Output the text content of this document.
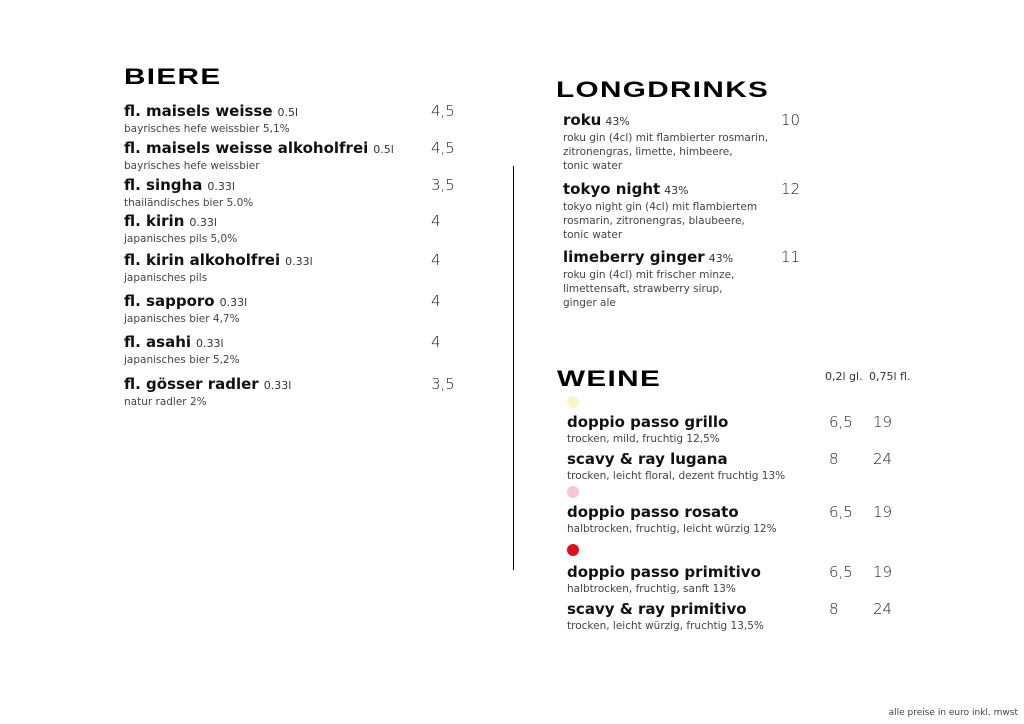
BIERE
fl. maisels weisse 0.5l
bayrisches hefe weissbier 5,1%
4,5
fl. maisels weisse alkoholfrei 0.5l
bayrisches hefe weissbier
4,5
fl. singha 0.33l
thailändisches bier 5.0%
3,5
fl. kirin 0.33l
japanisches pils 5,0%
4
fl. kirin alkoholfrei 0.33l
japanisches pils
4
fl. sapporo 0.33l
japanisches bier 4,7%
4
fl. asahi 0.33l
japanisches bier 5,2%
4
fl. gösser radler 0.33l
natur radler 2%
3,5
LONGDRINKS
roku 43%
roku gin (4cl) mit flambierter rosmarin,
zitronengras, limette, himbeere,
tonic water
10
tokyo night 43%
tokyo night gin (4cl) mit flambiertem
rosmarin, zitronengras, blaubeere,
tonic water
12
limeberry ginger 43%
roku gin (4cl) mit frischer minze,
limettensaft, strawberry sirup,
ginger ale
11
WEINE	0,2l gl. 0,75l fl.
doppio passo grillo
trocken, mild, fruchtig 12,5%
6,5 19
scavy & ray lugana
trocken, leicht floral, dezent fruchtig 13%
8 24
doppio passo rosato
halbtrocken, fruchtig, leicht würzig 12%
6,5 19
doppio passo primitivo
halbtrocken, fruchtig, sanft 13%
6,5 19
scavy & ray primitivo
trocken, leicht würzig, fruchtig 13,5%
8 24
alle preise in euro inkl. mwst
